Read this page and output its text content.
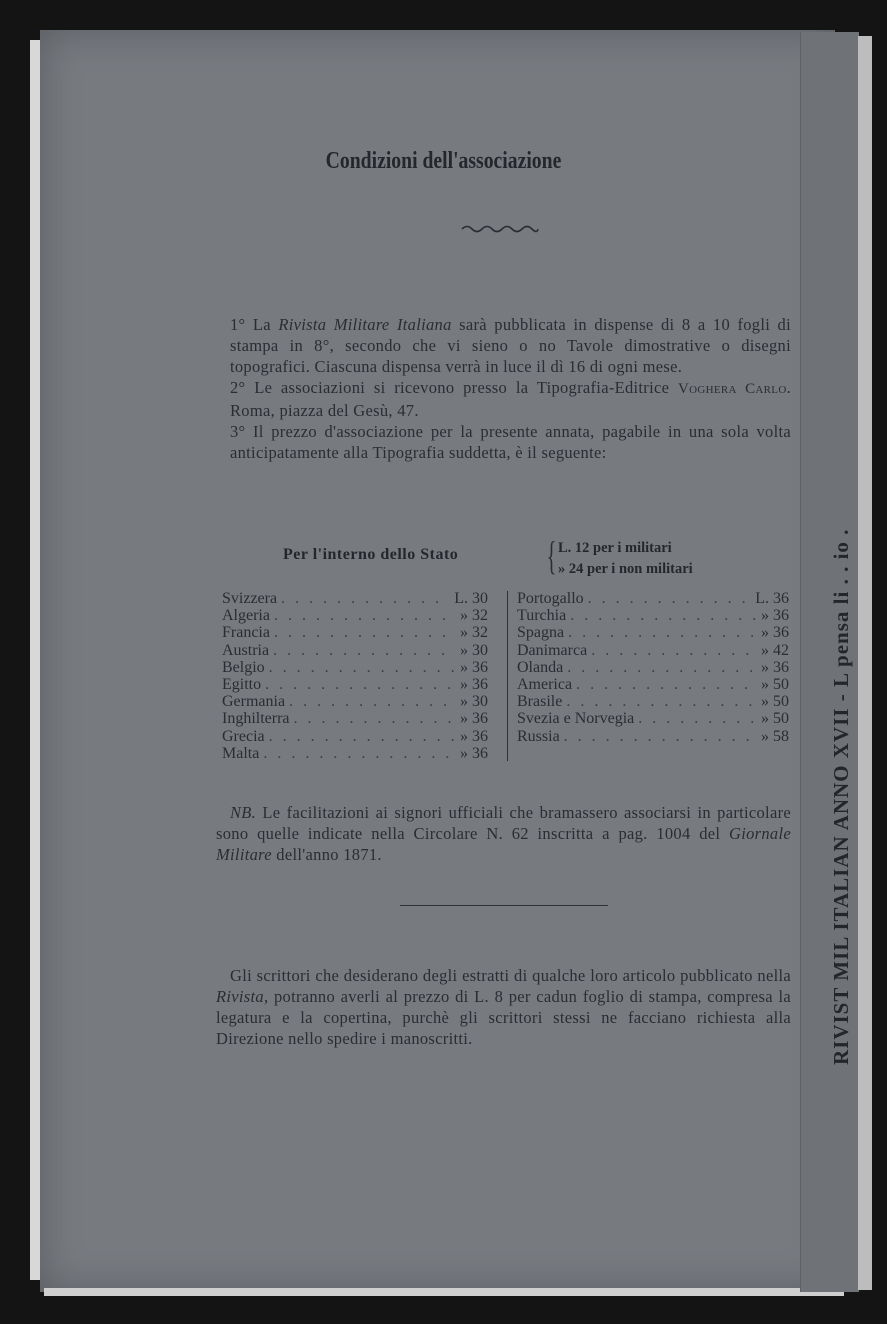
RIVIST MIL ITALIAN ANNO XVII - L pensa li . . io .
Condizioni dell'associazione

1° La Rivista Militare Italiana sarà pubblicata in dispense di 8 a 10 fogli di stampa in 8°, secondo che vi sieno o no Tavole dimostrative o disegni topografici. Ciascuna dispensa verrà in luce il dì 16 di ogni mese.

2° Le associazioni si ricevono presso la Tipografia-Editrice Voghera Carlo. Roma, piazza del Gesù, 47.

3° Il prezzo d'associazione per la presente annata, pagabile in una sola volta anticipatamente alla Tipografia suddetta, è il seguente:

Per l'interno dello Stato { L. 12 per i militari
» 24 per i non militari
Svizzera . . .	L. 30
Algeria . . .	» 32
Francia . . .	» 32
Austria . . .	» 30
Belgio . . .	» 36
Egitto . . .	» 36
Germania . . .	» 30
Inghilterra . . .	» 36
Grecia . . .	» 36
Malta . . .	» 36
Portogallo . . .	L. 36
Turchia . . .	» 36
Spagna . . .	» 36
Danimarca . . .	» 42
Olanda . . .	» 36
America . . .	» 50
Brasile . . .	» 50
Svezia e Norvegia . . .	» 50
Russia . . .	» 58
NB. Le facilitazioni ai signori ufficiali che bramassero associarsi in particolare sono quelle indicate nella Circolare N. 62 inscritta a pag. 1004 del Giornale Militare dell'anno 1871.
Gli scrittori che desiderano degli estratti di qualche loro articolo pubblicato nella Rivista, potranno averli al prezzo di L. 8 per cadun foglio di stampa, compresa la legatura e la copertina, purchè gli scrittori stessi ne facciano richiesta alla Direzione nello spedire i manoscritti.
